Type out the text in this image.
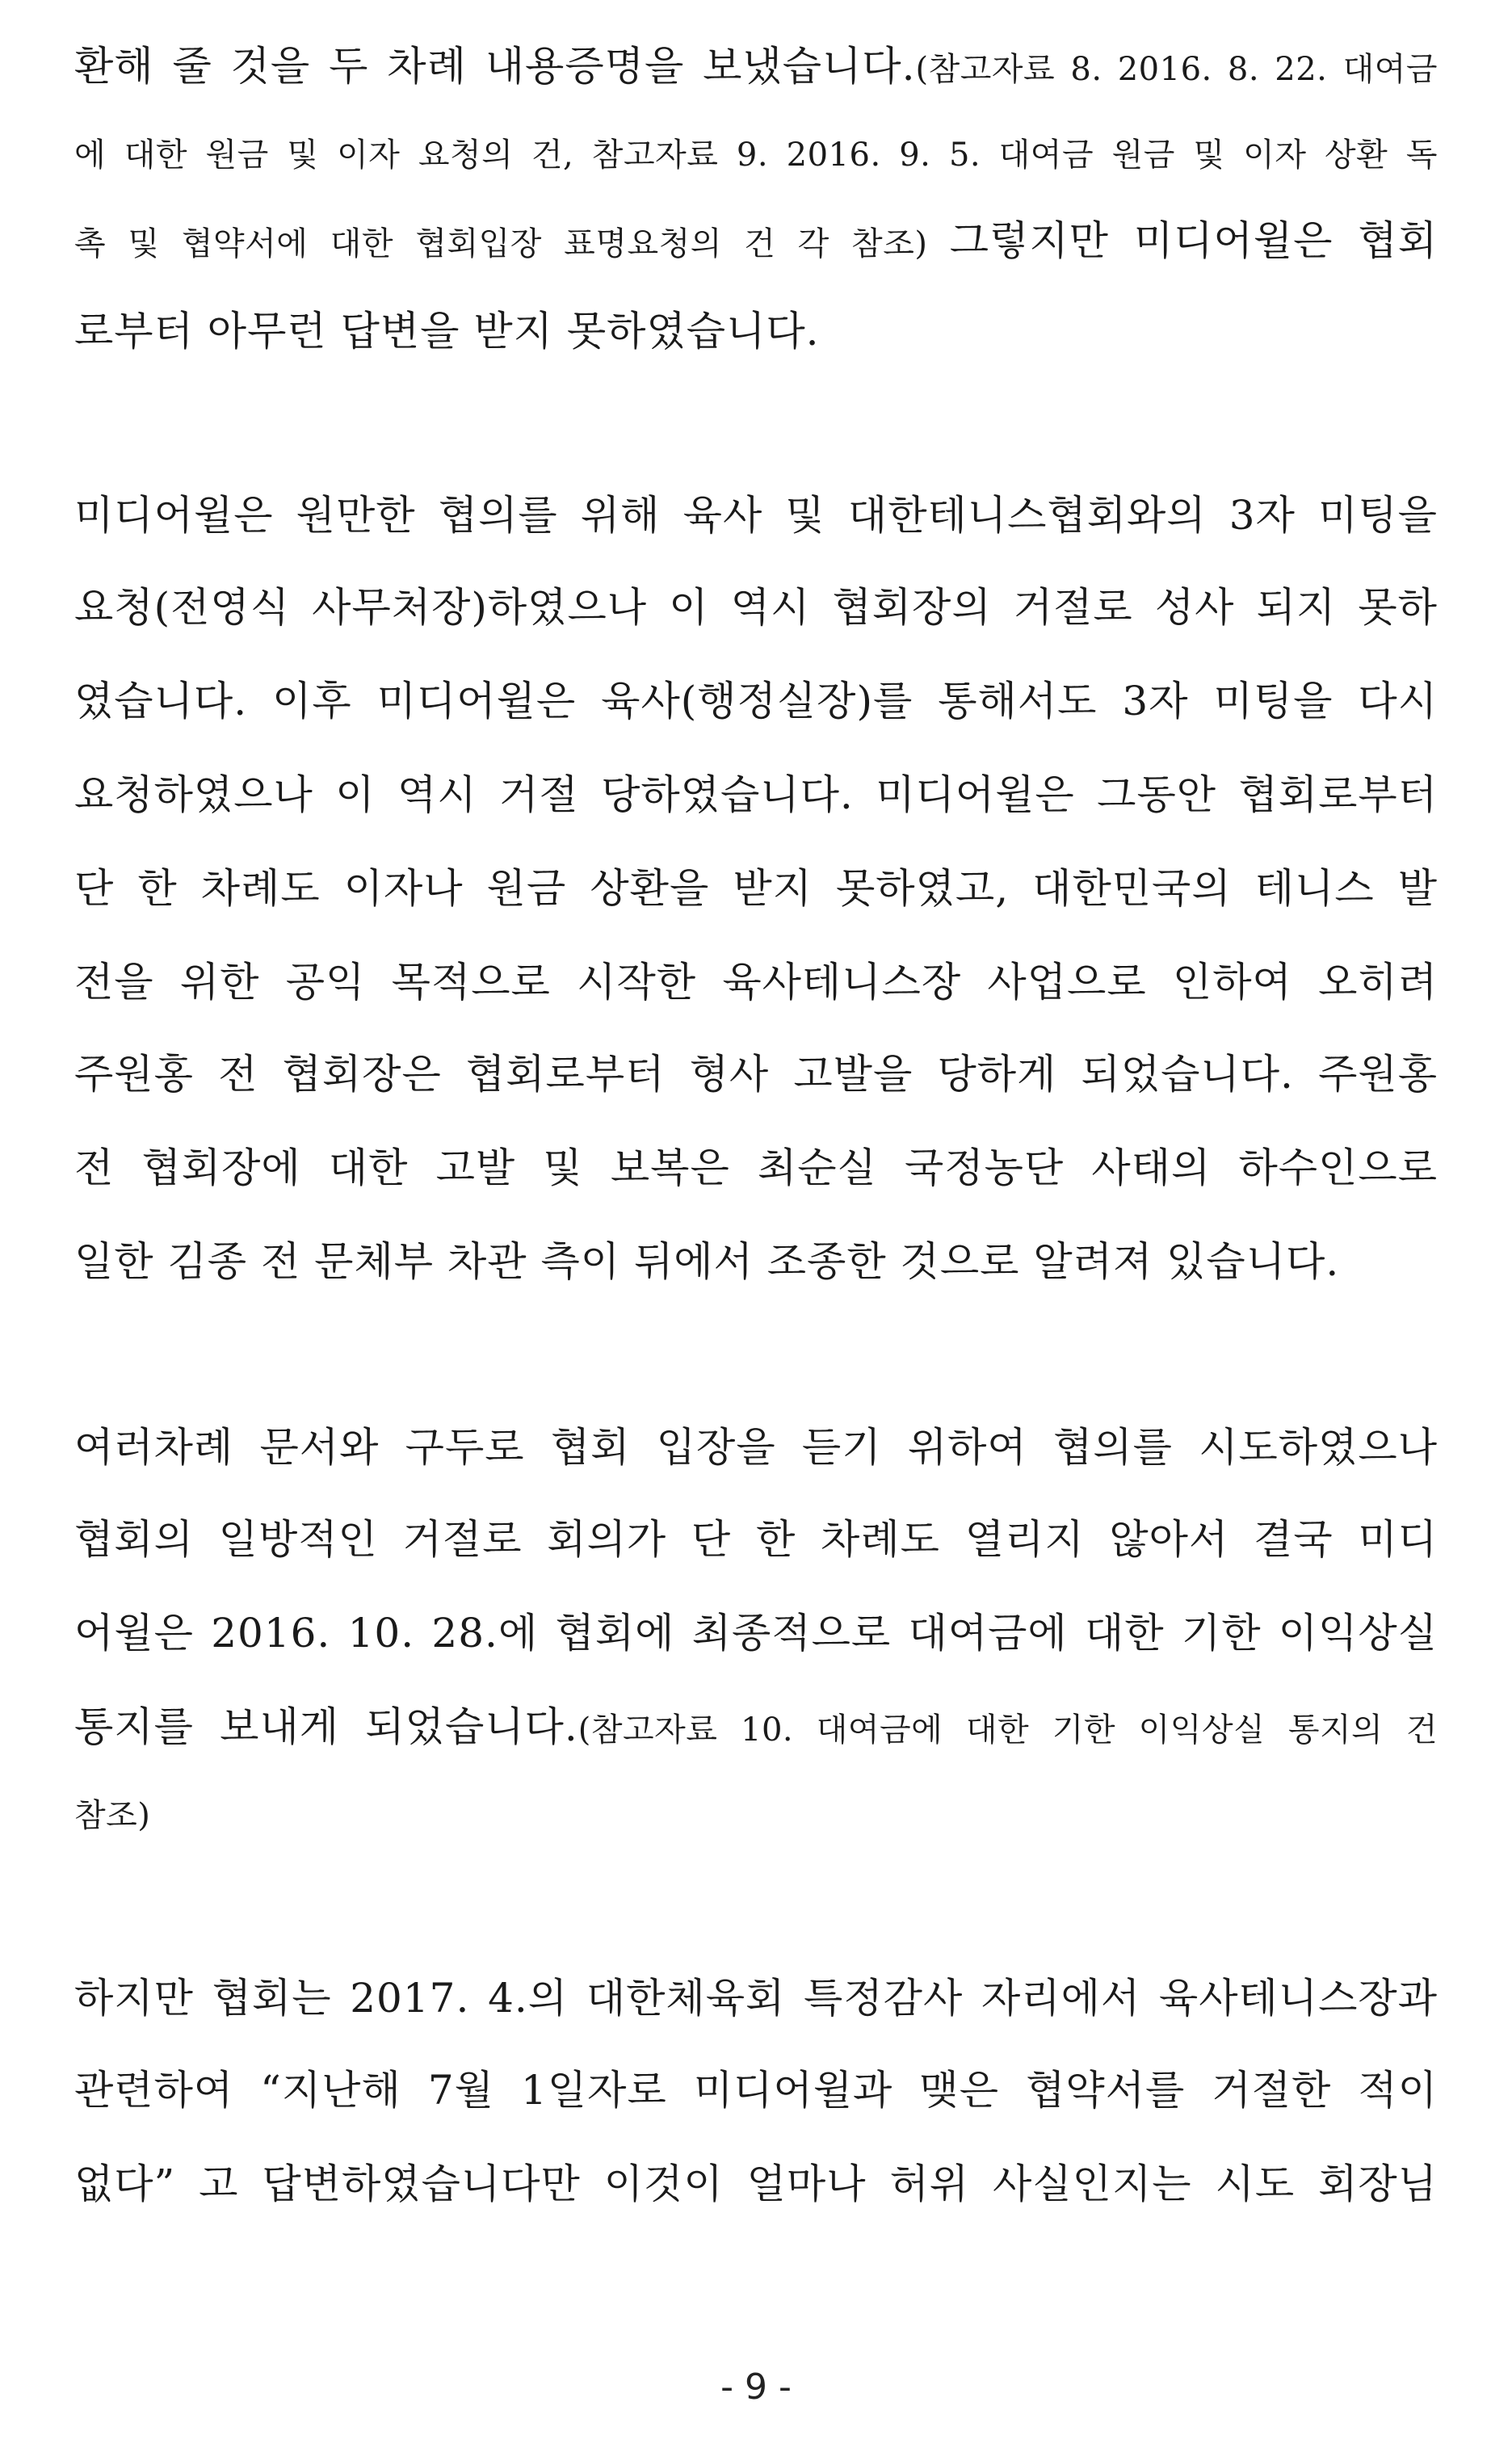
환해 줄 것을 두 차례 내용증명을 보냈습니다.(참고자료 8. 2016. 8. 22. 대여금
에 대한 원금 및 이자 요청의 건, 참고자료 9. 2016. 9. 5. 대여금 원금 및 이자 상환 독
촉 및 협약서에 대한 협회입장 표명요청의 건 각 참조) 그렇지만 미디어윌은 협회
로부터 아무런 답변을 받지 못하였습니다.
미디어윌은 원만한 협의를 위해 육사 및 대한테니스협회와의 3자 미팅을
요청(전영식 사무처장)하였으나 이 역시 협회장의 거절로 성사 되지 못하
였습니다. 이후 미디어윌은 육사(행정실장)를 통해서도 3자 미팅을 다시
요청하였으나 이 역시 거절 당하였습니다. 미디어윌은 그동안 협회로부터
단 한 차례도 이자나 원금 상환을 받지 못하였고, 대한민국의 테니스 발
전을 위한 공익 목적으로 시작한 육사테니스장 사업으로 인하여 오히려
주원홍 전 협회장은 협회로부터 형사 고발을 당하게 되었습니다. 주원홍
전 협회장에 대한 고발 및 보복은 최순실 국정농단 사태의 하수인으로
일한 김종 전 문체부 차관 측이 뒤에서 조종한 것으로 알려져 있습니다.
여러차례 문서와 구두로 협회 입장을 듣기 위하여 협의를 시도하였으나
협회의 일방적인 거절로 회의가 단 한 차례도 열리지 않아서 결국 미디
어윌은 2016. 10. 28.에 협회에 최종적으로 대여금에 대한 기한 이익상실
통지를 보내게 되었습니다.(참고자료 10. 대여금에 대한 기한 이익상실 통지의 건
참조)
하지만 협회는 2017. 4.의 대한체육회 특정감사 자리에서 육사테니스장과
관련하여 “지난해 7월 1일자로 미디어윌과 맺은 협약서를 거절한 적이
없다” 고 답변하였습니다만 이것이 얼마나 허위 사실인지는 시도 회장님
- 9 -
